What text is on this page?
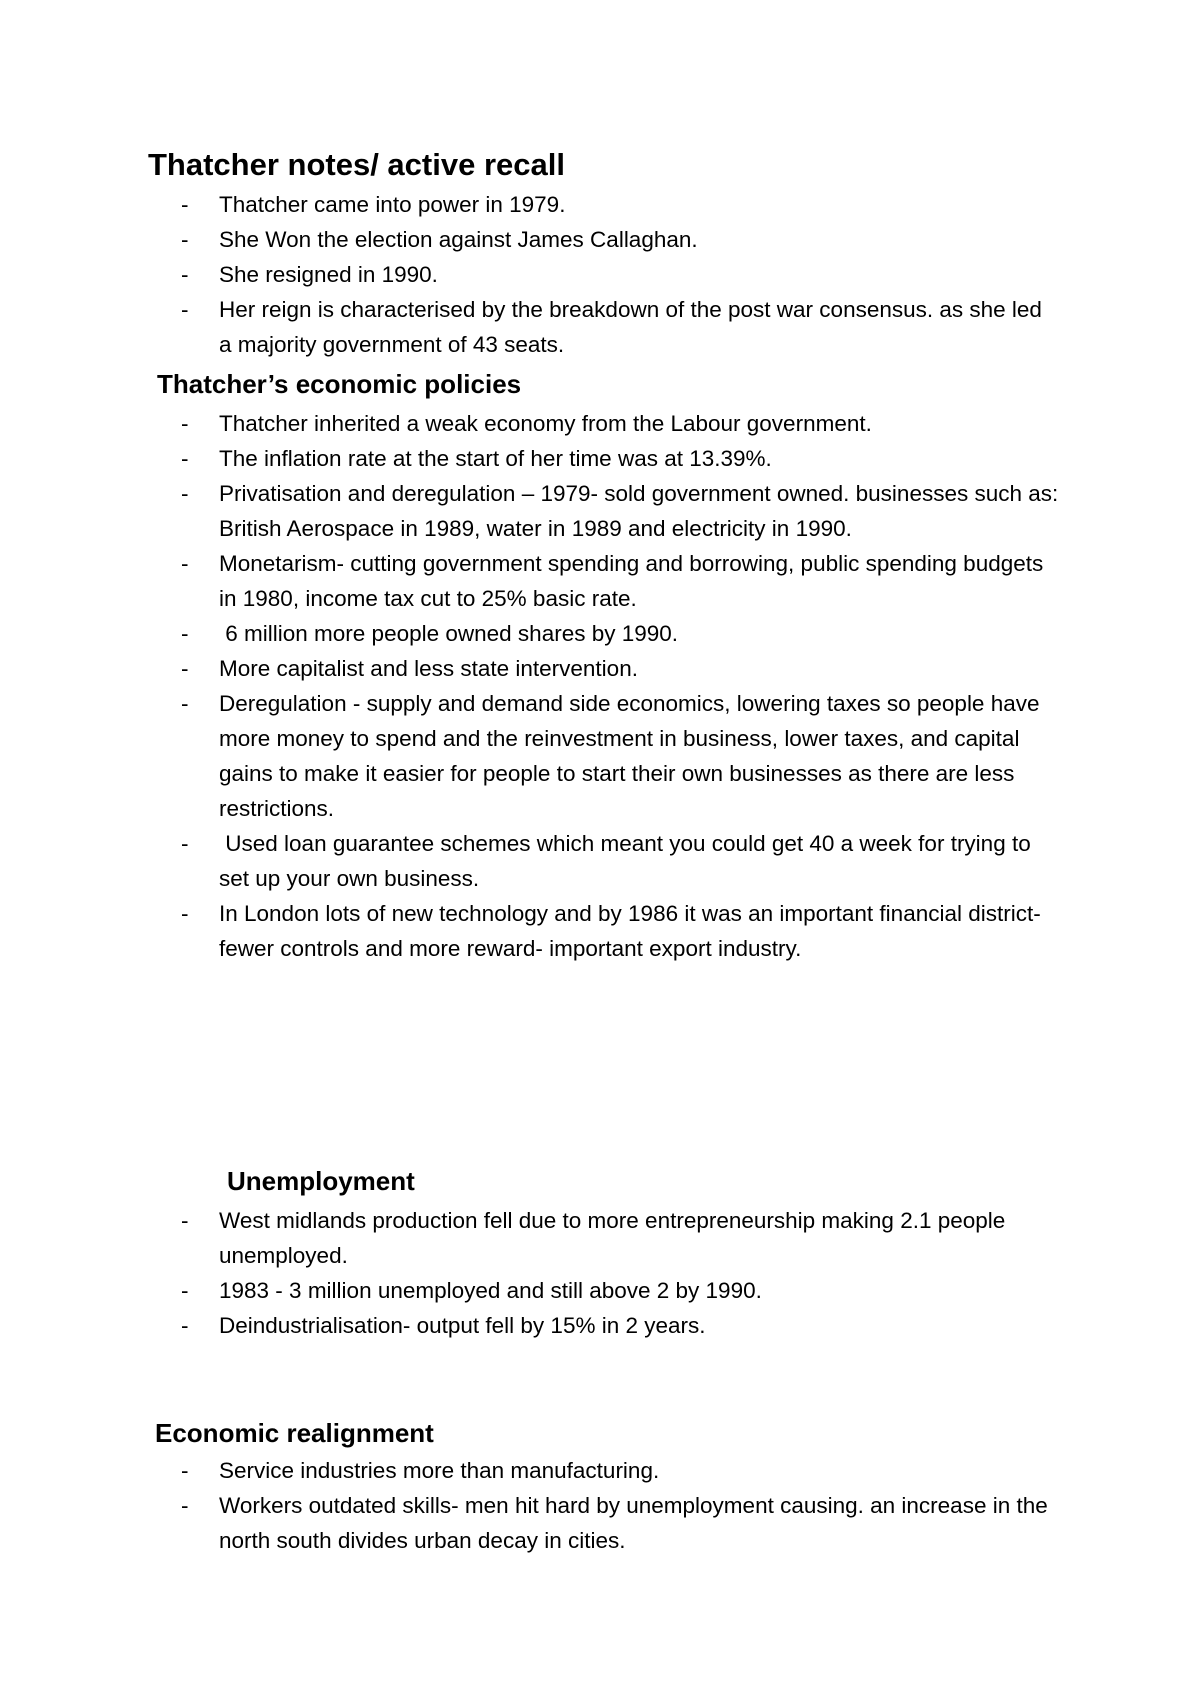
Thatcher notes/ active recall
- Thatcher came into power in 1979.
- She Won the election against James Callaghan.
- She resigned in 1990.
- Her reign is characterised by the breakdown of the post war consensus. as she led a majority government of 43 seats.
Thatcher’s economic policies
- Thatcher inherited a weak economy from the Labour government.
- The inflation rate at the start of her time was at 13.39%.
- Privatisation and deregulation – 1979- sold government owned. businesses such as: British Aerospace in 1989, water in 1989 and electricity in 1990.
- Monetarism- cutting government spending and borrowing, public spending budgets in 1980, income tax cut to 25% basic rate.
- 6 million more people owned shares by 1990.
- More capitalist and less state intervention.
- Deregulation - supply and demand side economics, lowering taxes so people have more money to spend and the reinvestment in business, lower taxes, and capital gains to make it easier for people to start their own businesses as there are less restrictions.
- Used loan guarantee schemes which meant you could get 40 a week for trying to set up your own business.
- In London lots of new technology and by 1986 it was an important financial district- fewer controls and more reward- important export industry.
Unemployment
- West midlands production fell due to more entrepreneurship making 2.1 people unemployed.
- 1983 - 3 million unemployed and still above 2 by 1990.
- Deindustrialisation- output fell by 15% in 2 years.
Economic realignment
- Service industries more than manufacturing.
- Workers outdated skills- men hit hard by unemployment causing. an increase in the north south divides urban decay in cities.
